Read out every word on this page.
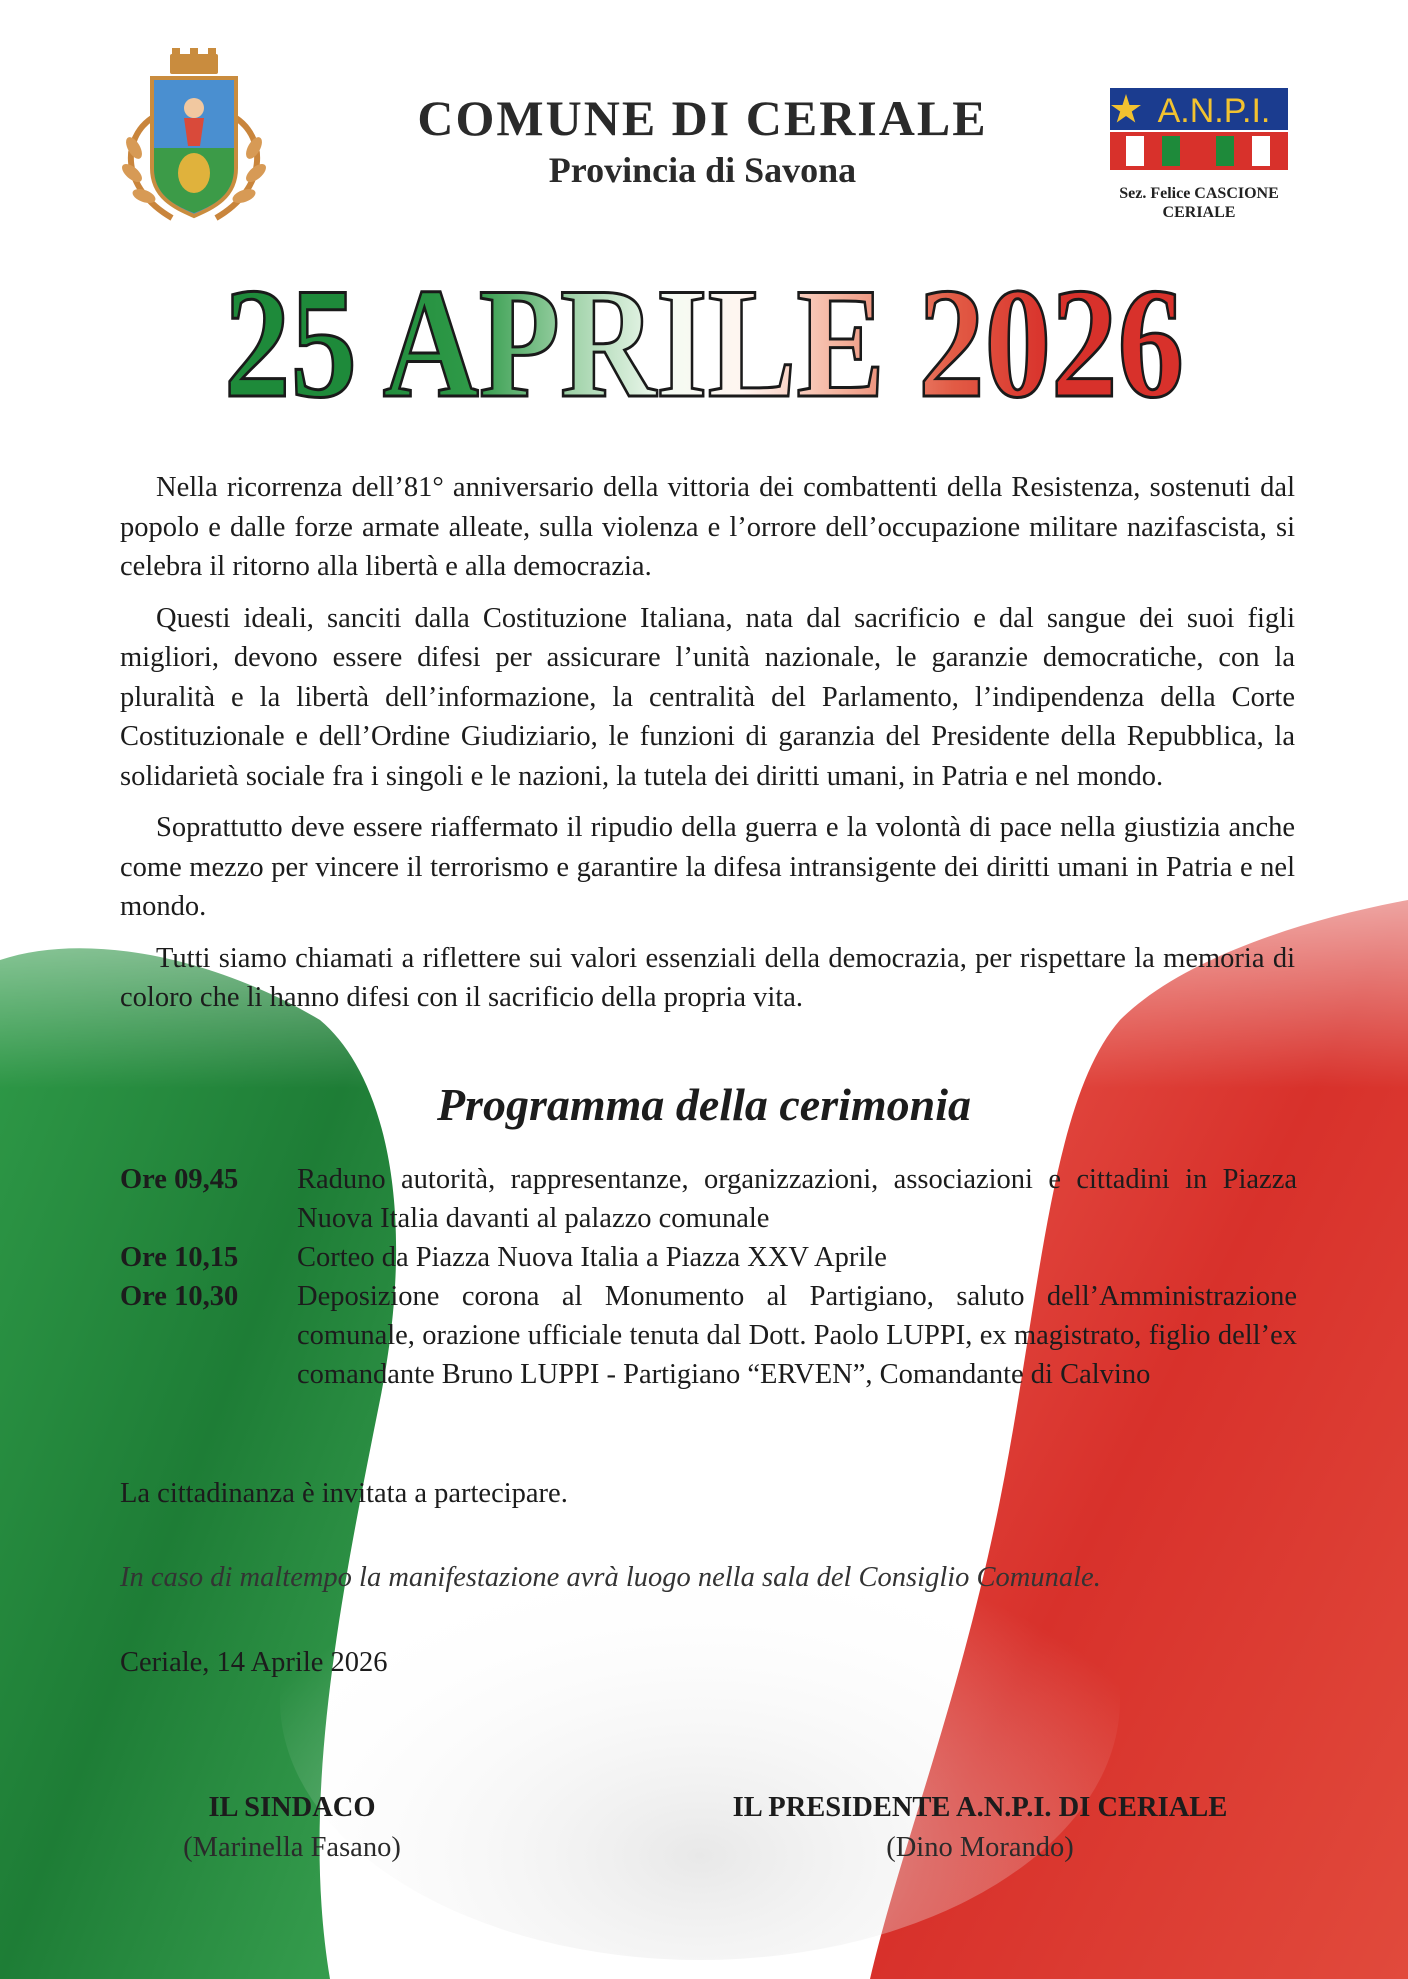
COMUNE DI CERIALE
Provincia di Savona
A.N.P.I.
Sez. Felice CASCIONE
CERIALE
25 APRILE 2026

Nella ricorrenza dell’81° anniversario della vittoria dei combattenti della Resistenza, sostenuti dal popolo e dalle forze armate alleate, sulla violenza e l’orrore dell’occupazione militare nazifascista, si celebra il ritorno alla libertà e alla democrazia.

Questi ideali, sanciti dalla Costituzione Italiana, nata dal sacrificio e dal sangue dei suoi figli migliori, devono essere difesi per assicurare l’unità nazionale, le garanzie democratiche, con la pluralità e la libertà dell’informazione, la centralità del Parlamento, l’indipendenza della Corte Costituzionale e dell’Ordine Giudiziario, le funzioni di garanzia del Presidente della Repubblica, la solidarietà sociale fra i singoli e le nazioni, la tutela dei diritti umani, in Patria e nel mondo.

Soprattutto deve essere riaffermato il ripudio della guerra e la volontà di pace nella giustizia anche come mezzo per vincere il terrorismo e garantire la difesa intransigente dei diritti umani in Patria e nel mondo.

Tutti siamo chiamati a riflettere sui valori essenziali della democrazia, per rispettare la memoria di coloro che li hanno difesi con il sacrificio della propria vita.

Programma della cerimonia
Ore 09,45	Raduno autorità, rappresentanze, organizzazioni, associazioni e cittadini in Piazza Nuova Italia davanti al palazzo comunale
Ore 10,15	Corteo da Piazza Nuova Italia a Piazza XXV Aprile
Ore 10,30	Deposizione corona al Monumento al Partigiano, saluto dell’Amministrazione comunale, orazione ufficiale tenuta dal Dott. Paolo LUPPI, ex magistrato, figlio dell’ex comandante Bruno LUPPI - Partigiano “ERVEN”, Comandante di Calvino
La cittadinanza è invitata a partecipare.
In caso di maltempo la manifestazione avrà luogo nella sala del Consiglio Comunale.
Ceriale, 14 Aprile 2026
IL SINDACO
(Marinella Fasano)
IL PRESIDENTE A.N.P.I. DI CERIALE
(Dino Morando)
